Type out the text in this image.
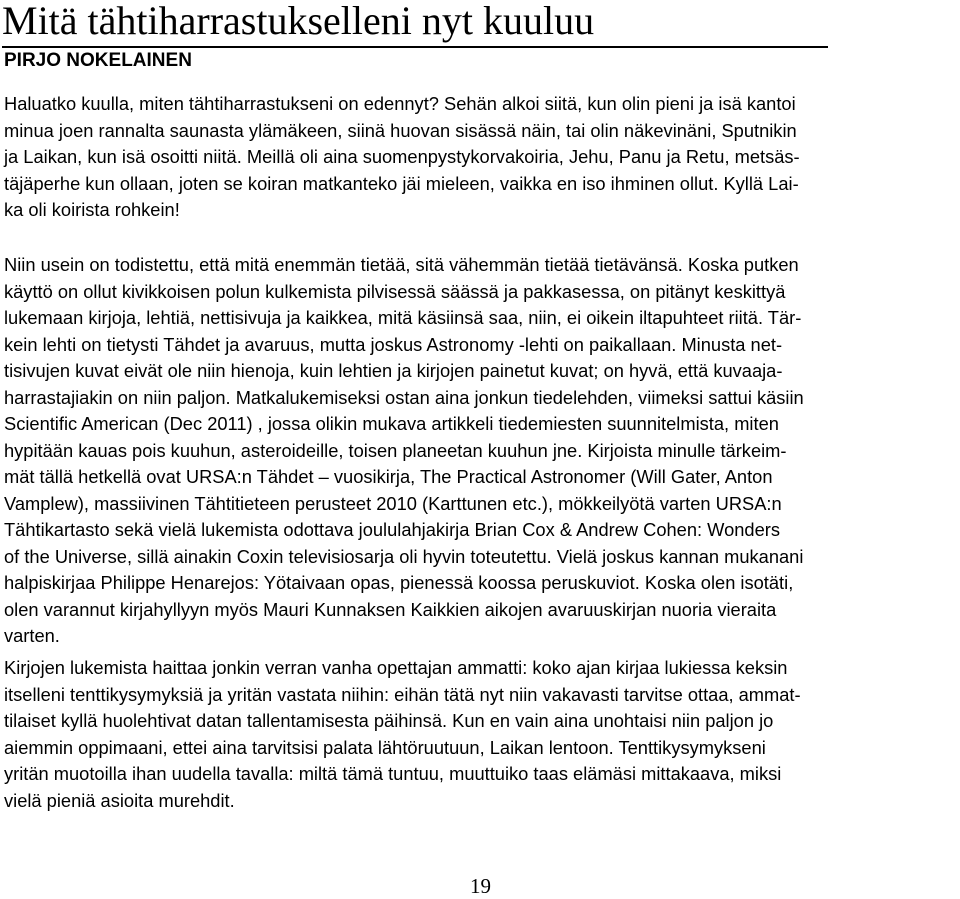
Mitä tähtiharrastukselleni nyt kuuluu

PIRJO NOKELAINEN

Haluatko kuulla, miten tähtiharrastukseni on edennyt? Sehän alkoi siitä, kun olin pieni ja isä kantoi
minua joen rannalta saunasta ylämäkeen, siinä huovan sisässä näin, tai olin näkevinäni, Sputnikin
ja Laikan, kun isä osoitti niitä. Meillä oli aina suomenpystykorvakoiria, Jehu, Panu ja Retu, metsäs-
täjäperhe kun ollaan, joten se koiran matkanteko jäi mieleen, vaikka en iso ihminen ollut. Kyllä Lai-
ka oli koirista rohkein!
Niin usein on todistettu, että mitä enemmän tietää, sitä vähemmän tietää tietävänsä. Koska putken
käyttö on ollut kivikkoisen polun kulkemista pilvisessä säässä ja pakkasessa, on pitänyt keskittyä
lukemaan kirjoja, lehtiä, nettisivuja ja kaikkea, mitä käsiinsä saa, niin, ei oikein iltapuhteet riitä. Tär-
kein lehti on tietysti Tähdet ja avaruus, mutta joskus Astronomy -lehti on paikallaan. Minusta net-
tisivujen kuvat eivät ole niin hienoja, kuin lehtien ja kirjojen painetut kuvat; on hyvä, että kuvaaja-
harrastajiakin on niin paljon. Matkalukemiseksi ostan aina jonkun tiedelehden, viimeksi sattui käsiin
Scientific American (Dec 2011) , jossa olikin mukava artikkeli tiedemiesten suunnitelmista, miten
hypitään kauas pois kuuhun, asteroideille, toisen planeetan kuuhun jne. Kirjoista minulle tärkeim-
mät tällä hetkellä ovat URSA:n Tähdet – vuosikirja, The Practical Astronomer (Will Gater, Anton
Vamplew), massiivinen Tähtitieteen perusteet 2010 (Karttunen etc.), mökkeilyötä varten URSA:n
Tähtikartasto sekä vielä lukemista odottava joululahjakirja Brian Cox & Andrew Cohen: Wonders
of the Universe, sillä ainakin Coxin televisiosarja oli hyvin toteutettu. Vielä joskus kannan mukanani
halpiskirjaa Philippe Henarejos: Yötaivaan opas, pienessä koossa peruskuviot. Koska olen isotäti,
olen varannut kirjahyllyyn myös Mauri Kunnaksen Kaikkien aikojen avaruuskirjan nuoria vieraita
varten.
Kirjojen lukemista haittaa jonkin verran vanha opettajan ammatti: koko ajan kirjaa lukiessa keksin
itselleni tenttikysymyksiä ja yritän vastata niihin: eihän tätä nyt niin vakavasti tarvitse ottaa, ammat-
tilaiset kyllä huolehtivat datan tallentamisesta päihinsä. Kun en vain aina unohtaisi niin paljon jo
aiemmin oppimaani, ettei aina tarvitsisi palata lähtöruutuun, Laikan lentoon. Tenttikysymykseni
yritän muotoilla ihan uudella tavalla: miltä tämä tuntuu, muuttuiko taas elämäsi mittakaava, miksi
vielä pieniä asioita murehdit.

19
